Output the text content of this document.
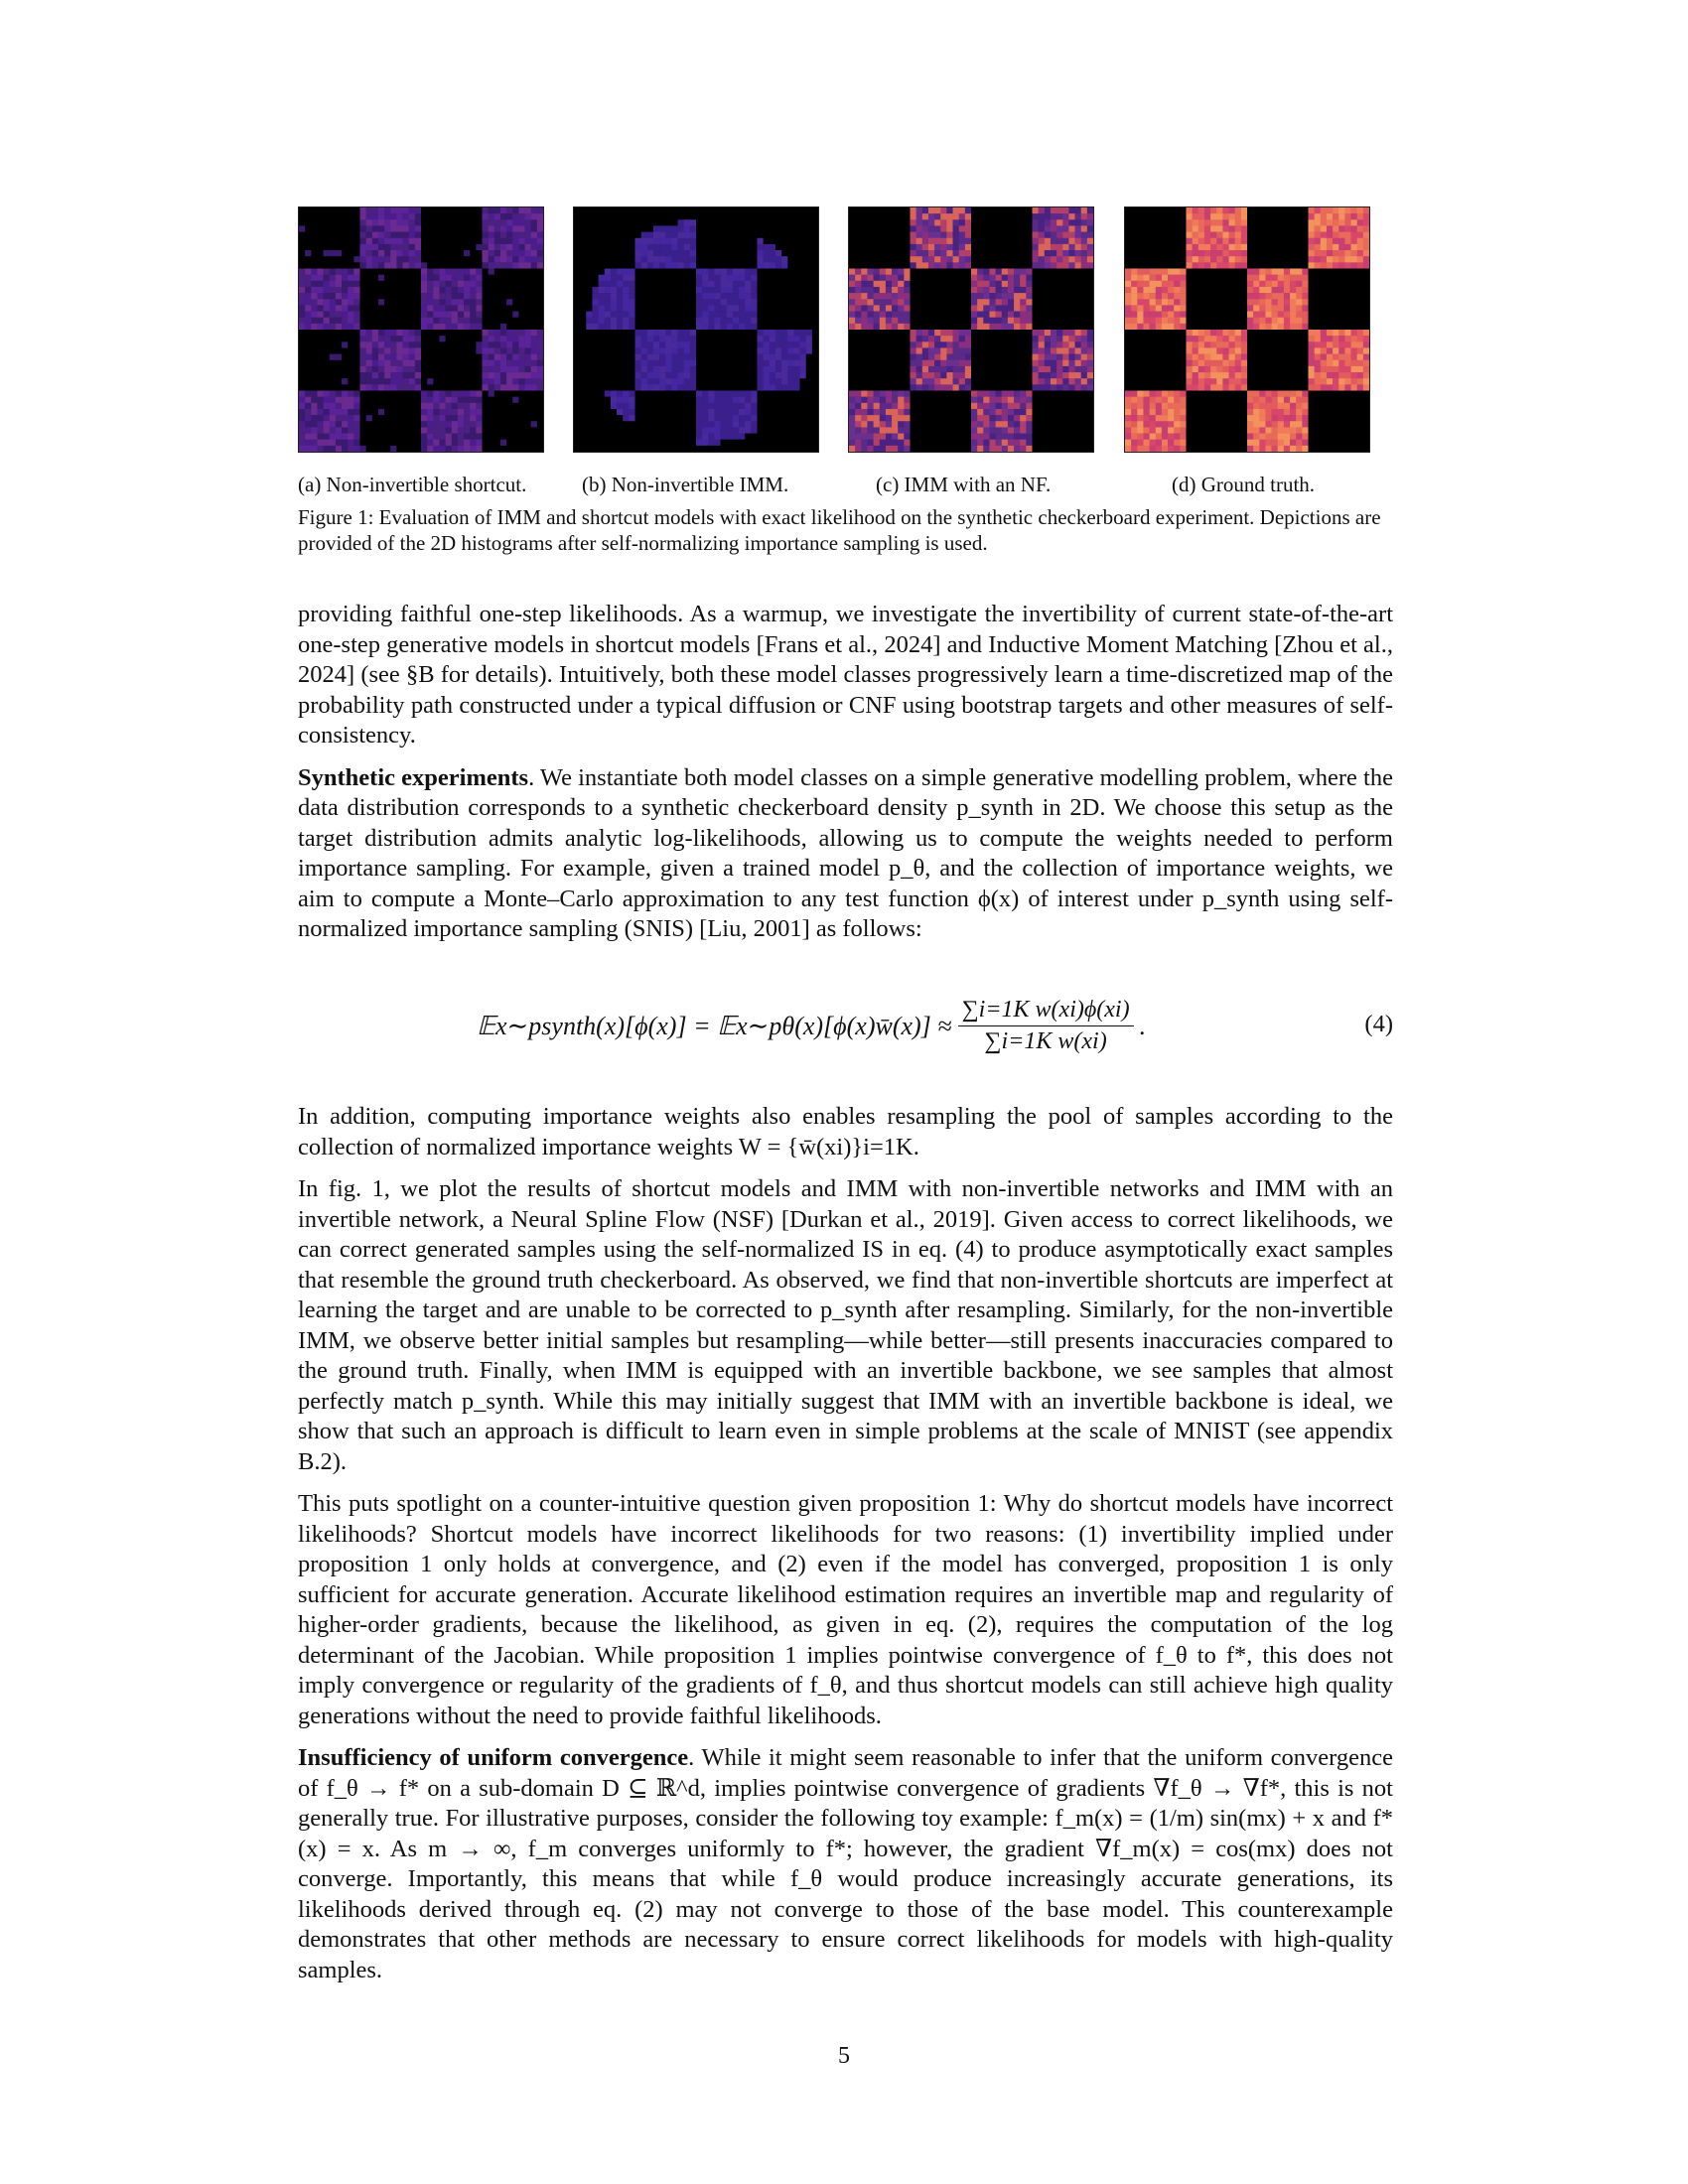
(a) Non-invertible shortcut.	(b) Non-invertible IMM.	(c) IMM with an NF.	(d) Ground truth.
Figure 1: Evaluation of IMM and shortcut models with exact likelihood on the synthetic checkerboard experiment. Depictions are provided of the 2D histograms after self-normalizing importance sampling is used.

providing faithful one-step likelihoods. As a warmup, we investigate the invertibility of current state-of-the-art one-step generative models in shortcut models [Frans et al., 2024] and Inductive Moment Matching [Zhou et al., 2024] (see §B for details). Intuitively, both these model classes progressively learn a time-discretized map of the probability path constructed under a typical diffusion or CNF using bootstrap targets and other measures of self-consistency.

Synthetic experiments. We instantiate both model classes on a simple generative modelling problem, where the data distribution corresponds to a synthetic checkerboard density p_synth in 2D. We choose this setup as the target distribution admits analytic log-likelihoods, allowing us to compute the weights needed to perform importance sampling. For example, given a trained model p_θ, and the collection of importance weights, we aim to compute a Monte–Carlo approximation to any test function ϕ(x) of interest under p_synth using self-normalized importance sampling (SNIS) [Liu, 2001] as follows:

𝔼x∼psynth(x)[ϕ(x)] = 𝔼x∼pθ(x)[ϕ(x)w̄(x)] ≈ $\frac{\text{∑i=1K w(xi)ϕ(xi)}}{\text{∑i=1K w(xi)}}$ .	(4)

In addition, computing importance weights also enables resampling the pool of samples according to the collection of normalized importance weights W = {w̄(xi)}i=1K.

In fig. 1, we plot the results of shortcut models and IMM with non-invertible networks and IMM with an invertible network, a Neural Spline Flow (NSF) [Durkan et al., 2019]. Given access to correct likelihoods, we can correct generated samples using the self-normalized IS in eq. (4) to produce asymptotically exact samples that resemble the ground truth checkerboard. As observed, we find that non-invertible shortcuts are imperfect at learning the target and are unable to be corrected to p_synth after resampling. Similarly, for the non-invertible IMM, we observe better initial samples but resampling—while better—still presents inaccuracies compared to the ground truth. Finally, when IMM is equipped with an invertible backbone, we see samples that almost perfectly match p_synth. While this may initially suggest that IMM with an invertible backbone is ideal, we show that such an approach is difficult to learn even in simple problems at the scale of MNIST (see appendix B.2).

This puts spotlight on a counter-intuitive question given proposition 1: Why do shortcut models have incorrect likelihoods? Shortcut models have incorrect likelihoods for two reasons: (1) invertibility implied under proposition 1 only holds at convergence, and (2) even if the model has converged, proposition 1 is only sufficient for accurate generation. Accurate likelihood estimation requires an invertible map and regularity of higher-order gradients, because the likelihood, as given in eq. (2), requires the computation of the log determinant of the Jacobian. While proposition 1 implies pointwise convergence of f_θ to f*, this does not imply convergence or regularity of the gradients of f_θ, and thus shortcut models can still achieve high quality generations without the need to provide faithful likelihoods.

Insufficiency of uniform convergence. While it might seem reasonable to infer that the uniform convergence of f_θ → f* on a sub-domain D ⊆ ℝ^d, implies pointwise convergence of gradients ∇f_θ → ∇f*, this is not generally true. For illustrative purposes, consider the following toy example: f_m(x) = (1/m) sin(mx) + x and f*(x) = x. As m → ∞, f_m converges uniformly to f*; however, the gradient ∇f_m(x) = cos(mx) does not converge. Importantly, this means that while f_θ would produce increasingly accurate generations, its likelihoods derived through eq. (2) may not converge to those of the base model. This counterexample demonstrates that other methods are necessary to ensure correct likelihoods for models with high-quality samples.

5
